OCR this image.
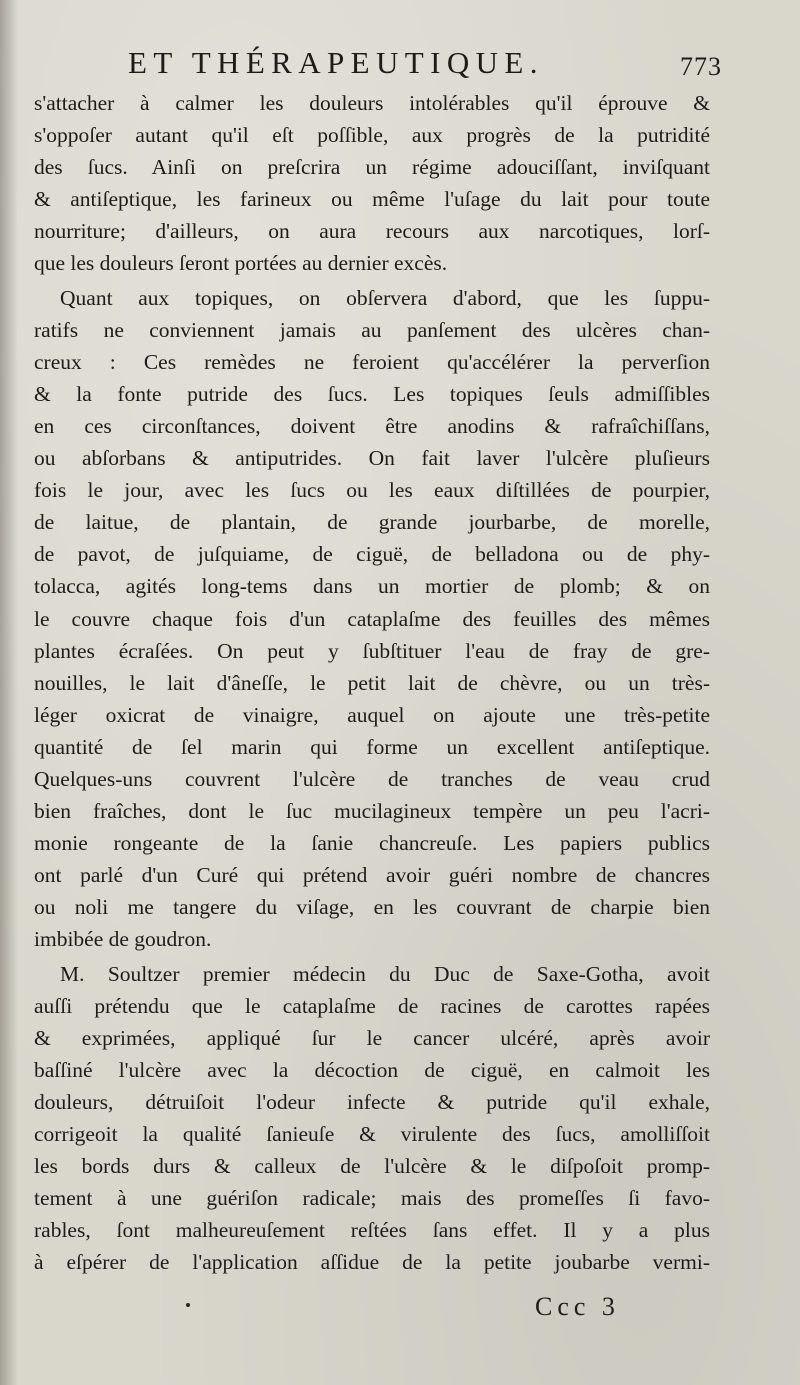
ET THÉRAPEUTIQUE.	773
s'attacher à calmer les douleurs intolérables qu'il éprouve &
s'oppoſer autant qu'il eſt poſſible, aux progrès de la putridité
des ſucs. Ainſi on preſcrira un régime adouciſſant, inviſquant
& antiſeptique, les farineux ou même l'uſage du lait pour toute
nourriture; d'ailleurs, on aura recours aux narcotiques, lorſ-
que les douleurs ſeront portées au dernier excès.
Quant aux topiques, on obſervera d'abord, que les ſuppu-
ratifs ne conviennent jamais au panſement des ulcères chan-
creux : Ces remèdes ne feroient qu'accélérer la perverſion
& la fonte putride des ſucs. Les topiques ſeuls admiſſibles
en ces circonſtances, doivent être anodins & rafraîchiſſans,
ou abſorbans & antiputrides. On fait laver l'ulcère pluſieurs
fois le jour, avec les ſucs ou les eaux diſtillées de pourpier,
de laitue, de plantain, de grande jourbarbe, de morelle,
de pavot, de juſquiame, de ciguë, de belladona ou de phy-
tolacca, agités long-tems dans un mortier de plomb; & on
le couvre chaque fois d'un cataplaſme des feuilles des mêmes
plantes écraſées. On peut y ſubſtituer l'eau de fray de gre-
nouilles, le lait d'âneſſe, le petit lait de chèvre, ou un très-
léger oxicrat de vinaigre, auquel on ajoute une très-petite
quantité de ſel marin qui forme un excellent antiſeptique.
Quelques-uns couvrent l'ulcère de tranches de veau crud
bien fraîches, dont le ſuc mucilagineux tempère un peu l'acri-
monie rongeante de la ſanie chancreuſe. Les papiers publics
ont parlé d'un Curé qui prétend avoir guéri nombre de chancres
ou noli me tangere du viſage, en les couvrant de charpie bien
imbibée de goudron.
M. Soultzer premier médecin du Duc de Saxe-Gotha, avoit
auſſi prétendu que le cataplaſme de racines de carottes rapées
& exprimées, appliqué ſur le cancer ulcéré, après avoir
baſſiné l'ulcère avec la décoction de ciguë, en calmoit les
douleurs, détruiſoit l'odeur infecte & putride qu'il exhale,
corrigeoit la qualité ſanieuſe & virulente des ſucs, amolliſſoit
les bords durs & calleux de l'ulcère & le diſpoſoit promp-
tement à une guériſon radicale; mais des promeſſes ſi favo-
rables, ſont malheureuſement reſtées ſans effet. Il y a plus
à eſpérer de l'application aſſidue de la petite joubarbe vermi-
Ccc 3
